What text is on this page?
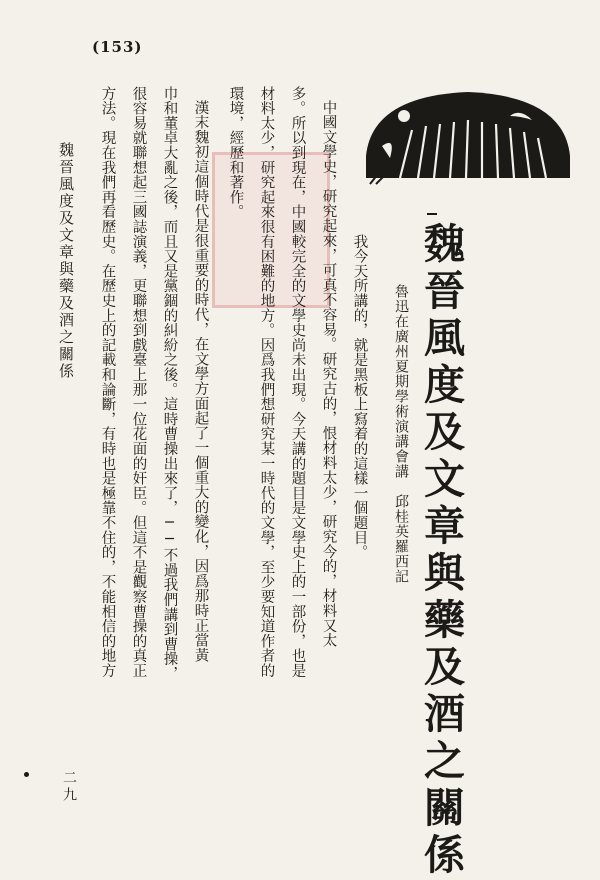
(153)
魏晉風度及文章與藥及酒之關係
魯迅在廣州夏期學術演講會講
邱桂英羅西記
我今天所講的，就是黑板上寫着的這樣一個題目。
中國文學史，研究起來，可真不容易。研究古的，恨材料太少，研究今的，材料又太
多。所以到現在，中國較完全的文學史尚未出現。今天講的題目是文學史上的一部份，也是
材料太少，研究起來很有困難的地方。因爲我們想研究某一時代的文學，至少要知道作者的
環境，經歷和著作。
漢末魏初這個時代是很重要的時代，在文學方面起了一個重大的變化，因爲那時正當黃
巾和董卓大亂之後，而且又是黨錮的糾紛之後。這時曹操出來了，──不過我們講到曹操，
很容易就聯想起三國誌演義，更聯想到戲臺上那一位花面的奸臣。但這不是觀察曹操的真正
方法。現在我們再看歷史。在歷史上的記載和論斷，有時也是極靠不住的，不能相信的地方
魏晉風度及文章與藥及酒之關係
二九
